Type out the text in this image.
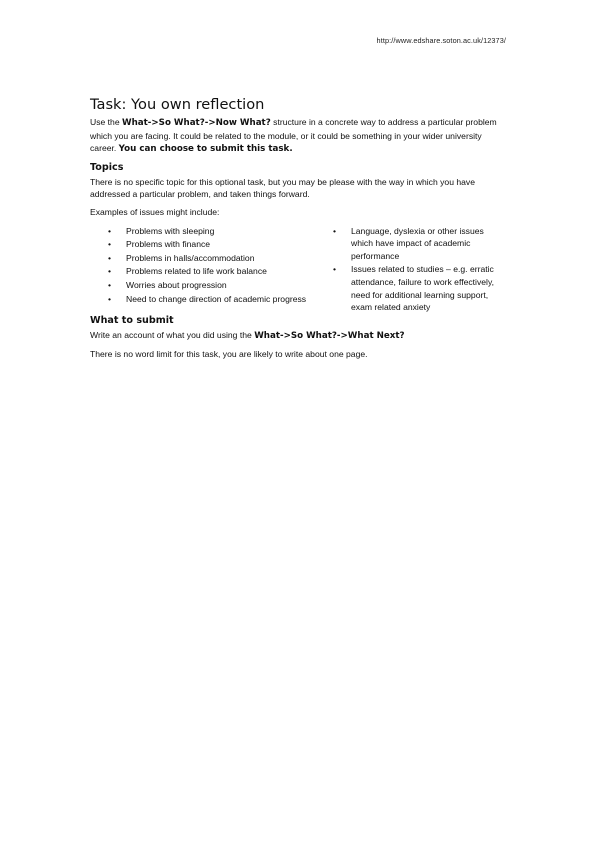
http://www.edshare.soton.ac.uk/12373/
Task: You own reflection

Use the What->So What?->Now What? structure in a concrete way to address a particular problem which you are facing. It could be related to the module, or it could be something in your wider university career. You can choose to submit this task.

Topics

There is no specific topic for this optional task, but you may be please with the way in which you have addressed a particular problem, and taken things forward.

Examples of issues might include:

• Problems with sleeping
• Problems with finance
• Problems in halls/accommodation
• Problems related to life work balance
• Worries about progression
• Need to change direction of academic progress
• Language, dyslexia or other issues which have impact of academic performance
• Issues related to studies – e.g. erratic attendance, failure to work effectively, need for additional learning support, exam related anxiety
What to submit

Write an account of what you did using the What->So What?->What Next?

There is no word limit for this task, you are likely to write about one page.
